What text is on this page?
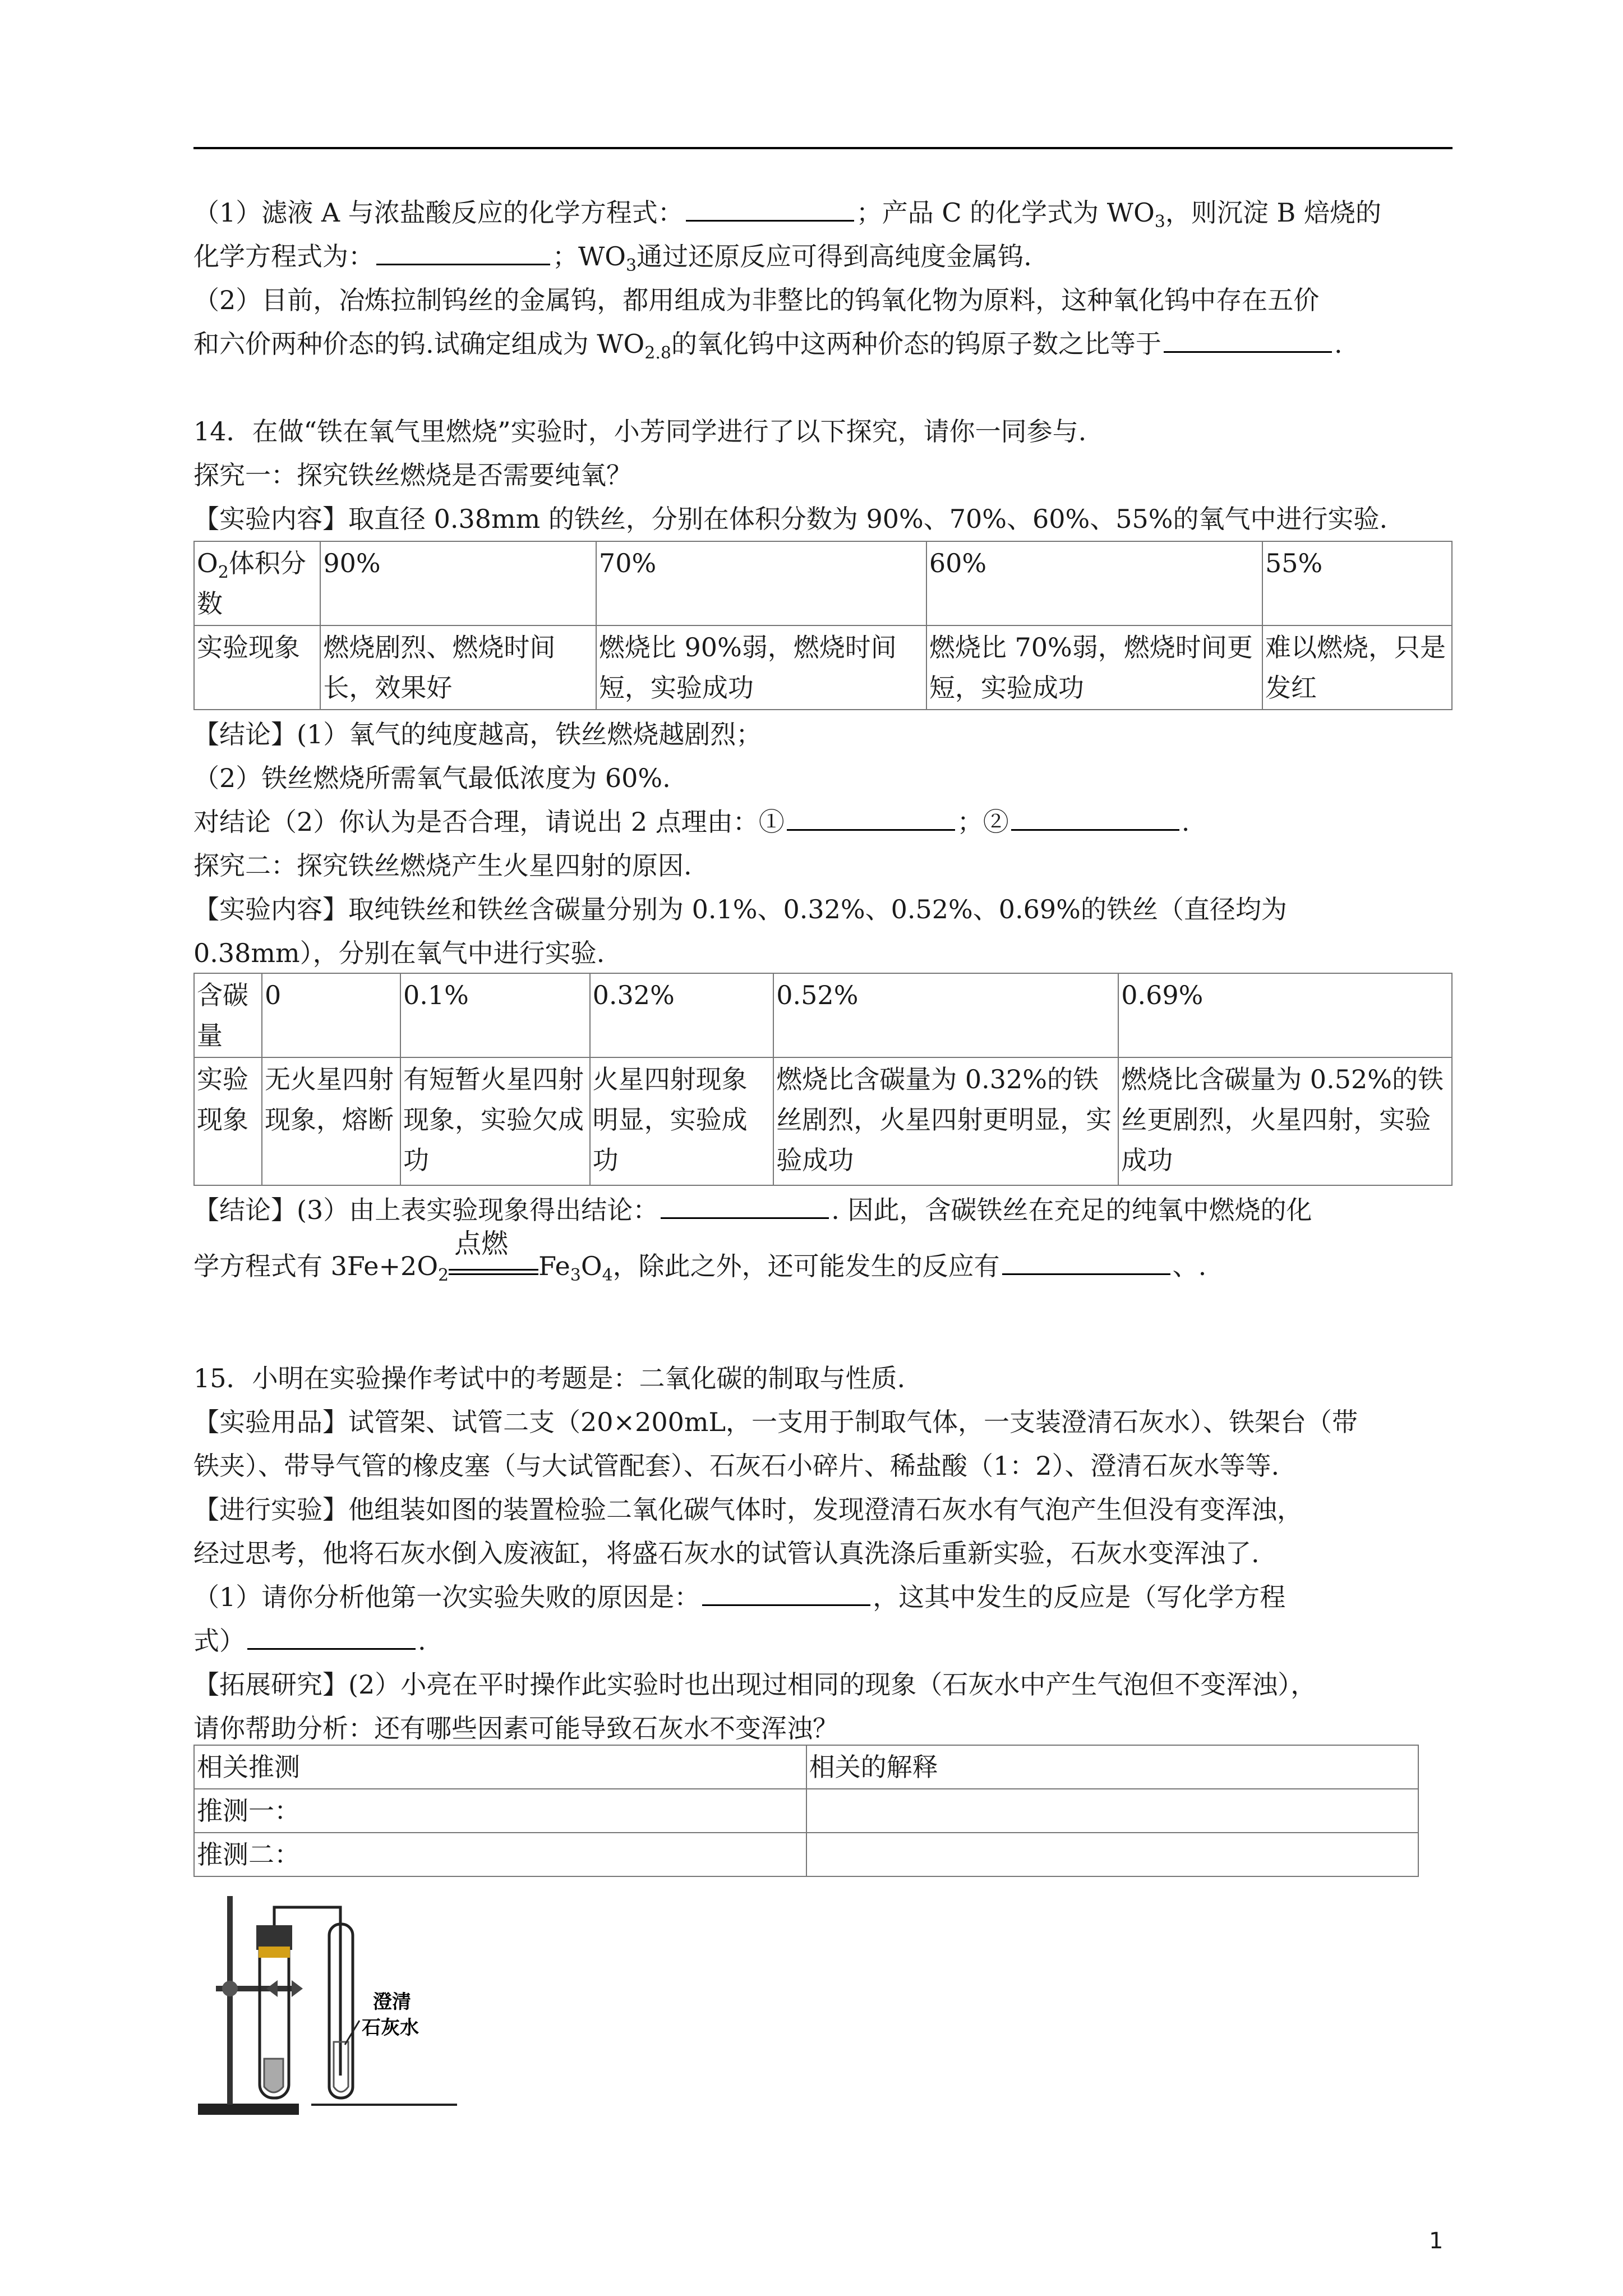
（1）滤液 A 与浓盐酸反应的化学方程式：	；产品 C 的化学式为 $WO_3$，则沉淀 B 焙烧的
化学方程式为：	；$WO_3$通过还原反应可得到高纯度金属钨.
（2）目前，冶炼拉制钨丝的金属钨，都用组成为非整比的钨氧化物为原料，这种氧化钨中存在五价
和六价两种价态的钨.试确定组成为 $WO_{2.8}$的氧化钨中这两种价态的钨原子数之比等于	.
14．在做“铁在氧气里燃烧”实验时，小芳同学进行了以下探究，请你一同参与.
探究一：探究铁丝燃烧是否需要纯氧？
【实验内容】取直径 0.38mm 的铁丝，分别在体积分数为 90%、70%、60%、55%的氧气中进行实验.
$O_2$体积分数	90%	70%	60%	55%
实验现象	燃烧剧烈、燃烧时间长，效果好	燃烧比 90%弱，燃烧时间短，实验成功	燃烧比 70%弱，燃烧时间更短，实验成功	难以燃烧，只是发红
【结论】(1）氧气的纯度越高，铁丝燃烧越剧烈；
（2）铁丝燃烧所需氧气最低浓度为 60%.
对结论（2）你认为是否合理，请说出 2 点理由：①	；②	.
探究二：探究铁丝燃烧产生火星四射的原因.
【实验内容】取纯铁丝和铁丝含碳量分别为 0.1%、0.32%、0.52%、0.69%的铁丝（直径均为
0.38mm），分别在氧气中进行实验.
含碳量	0	0.1%	0.32%	0.52%	0.69%
实验现象	无火星四射现象，熔断	有短暂火星四射现象，实验欠成功	火星四射现象明显，实验成功	燃烧比含碳量为 0.32%的铁丝剧烈，火星四射更明显，实验成功	燃烧比含碳量为 0.52%的铁丝更剧烈，火星四射，实验成功
【结论】(3）由上表实验现象得出结论：	. 因此，含碳铁丝在充足的纯氧中燃烧的化
学方程式有 $3Fe+2O_2$
点燃
$Fe_3O_4$，除此之外，还可能发生的反应有	、.
15．小明在实验操作考试中的考题是：二氧化碳的制取与性质.
【实验用品】试管架、试管二支（20×200mL，一支用于制取气体，一支装澄清石灰水）、铁架台（带
铁夹）、带导气管的橡皮塞（与大试管配套）、石灰石小碎片、稀盐酸（1：2）、澄清石灰水等等.
【进行实验】他组装如图的装置检验二氧化碳气体时，发现澄清石灰水有气泡产生但没有变浑浊，
经过思考，他将石灰水倒入废液缸，将盛石灰水的试管认真洗涤后重新实验，石灰水变浑浊了.
（1）请你分析他第一次实验失败的原因是：	，这其中发生的反应是（写化学方程
式）	.
【拓展研究】(2）小亮在平时操作此实验时也出现过相同的现象（石灰水中产生气泡但不变浑浊），
请你帮助分析：还有哪些因素可能导致石灰水不变浑浊？
相关推测	相关的解释
推测一：	
推测二：	
澄清
石灰水
1
